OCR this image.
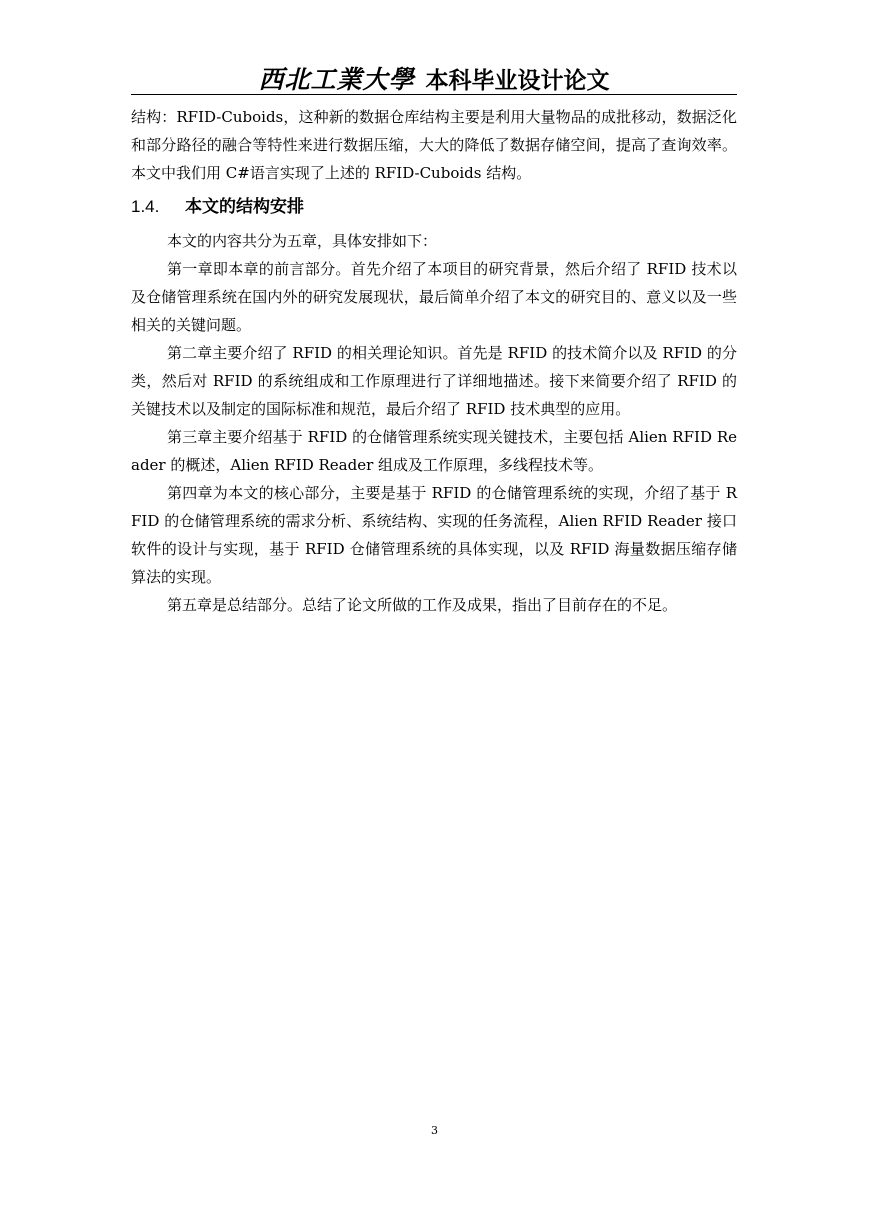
西北工業大學 本科毕业设计论文

结构：RFID-Cuboids，这种新的数据仓库结构主要是利用大量物品的成批移动，数据泛化和部分路径的融合等特性来进行数据压缩，大大的降低了数据存储空间，提高了查询效率。本文中我们用 C#语言实现了上述的 RFID-Cuboids 结构。

1.4. 本文的结构安排

本文的内容共分为五章，具体安排如下：

第一章即本章的前言部分。首先介绍了本项目的研究背景，然后介绍了 RFID 技术以及仓储管理系统在国内外的研究发展现状，最后简单介绍了本文的研究目的、意义以及一些相关的关键问题。

第二章主要介绍了 RFID 的相关理论知识。首先是 RFID 的技术简介以及 RFID 的分类，然后对 RFID 的系统组成和工作原理进行了详细地描述。接下来简要介绍了 RFID 的关键技术以及制定的国际标准和规范，最后介绍了 RFID 技术典型的应用。

第三章主要介绍基于 RFID 的仓储管理系统实现关键技术，主要包括 Alien RFID Reader 的概述，Alien RFID Reader 组成及工作原理，多线程技术等。

第四章为本文的核心部分，主要是基于 RFID 的仓储管理系统的实现，介绍了基于 RFID 的仓储管理系统的需求分析、系统结构、实现的任务流程，Alien RFID Reader 接口软件的设计与实现，基于 RFID 仓储管理系统的具体实现，以及 RFID 海量数据压缩存储算法的实现。

第五章是总结部分。总结了论文所做的工作及成果，指出了目前存在的不足。

3
